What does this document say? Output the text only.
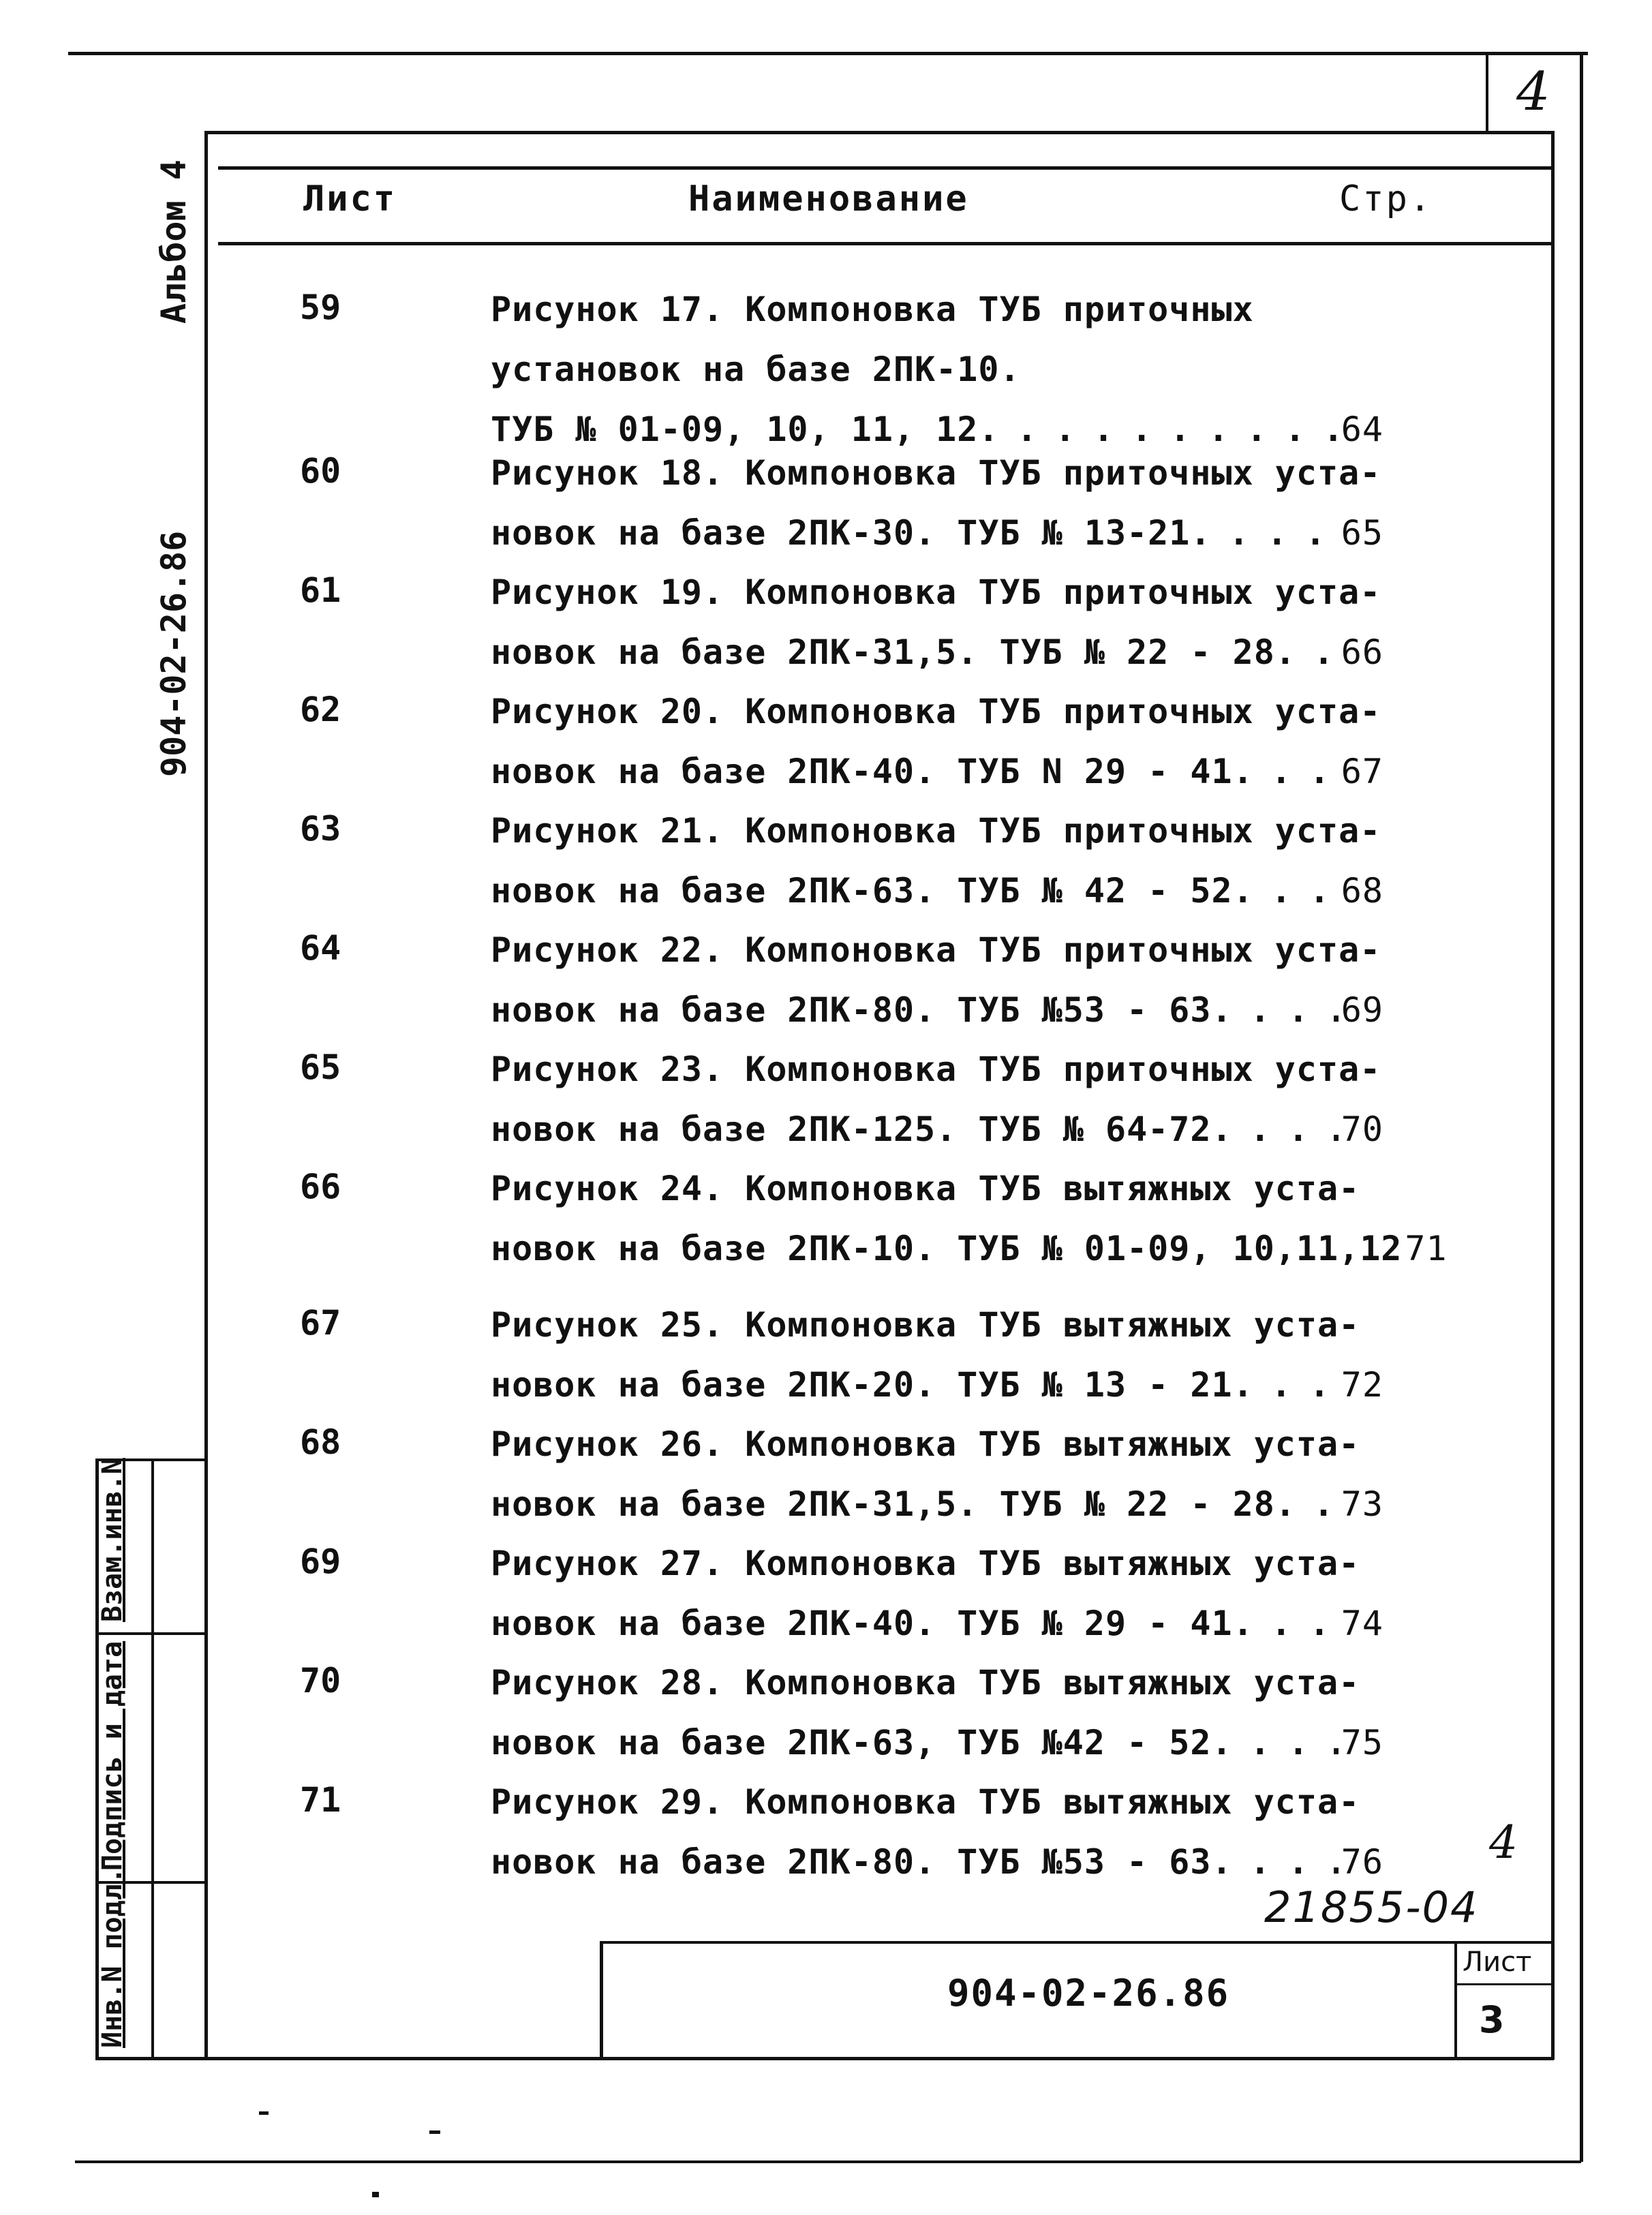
4
Альбом 4
904-02-26.86
Инв.N подл.
Подпись и дата
Взам.инв.N
Лист	Наименование	Стр.
59	Рисунок 17. Компоновка ТУБ приточных
установок на базе 2ПК-10.
ТУБ № 01-09, 10, 11, 12 . . .	64
60	Рисунок 18. Компоновка ТУБ приточных уста-
новок на базе 2ПК-30. ТУБ № 13-21 . . .	65
61	Рисунок 19. Компоновка ТУБ приточных уста-
новок на базе 2ПК-31,5. ТУБ № 22 - 28 . . . 66
62	Рисунок 20. Компоновка ТУБ приточных уста-
новок на базе 2ПК-40. ТУБ N 29 - 41 . . .	67
63	Рисунок 21. Компоновка ТУБ приточных уста-
новок на базе 2ПК-63. ТУБ № 42 - 52 . . .	68
64	Рисунок 22. Компоновка ТУБ приточных уста-
новок на базе 2ПК-80. ТУБ №53 - 63 . . .	69
65	Рисунок 23. Компоновка ТУБ приточных уста-
новок на базе 2ПК-125. ТУБ № 64-72 . . .	70
66	Рисунок 24. Компоновка ТУБ вытяжных уста-
новок на базе 2ПК-10. ТУБ № 01-09, 10,11,12 71
67	Рисунок 25. Компоновка ТУБ вытяжных уста-
новок на базе 2ПК-20. ТУБ № 13 - 21 . . .	72
68	Рисунок 26. Компоновка ТУБ вытяжных уста-
новок на базе 2ПК-31,5. ТУБ № 22 - 28 . . . 73
69	Рисунок 27. Компоновка ТУБ вытяжных уста-
новок на базе 2ПК-40. ТУБ № 29 - 41 . . .	74
70	Рисунок 28. Компоновка ТУБ вытяжных уста-
новок на базе 2ПК-63, ТУБ №42 - 52 . . .	75
71	Рисунок 29. Компоновка ТУБ вытяжных уста-
новок на базе 2ПК-80. ТУБ №53 - 63 . . .	76 4
21855-04
904-02-26.86
Лист
3
